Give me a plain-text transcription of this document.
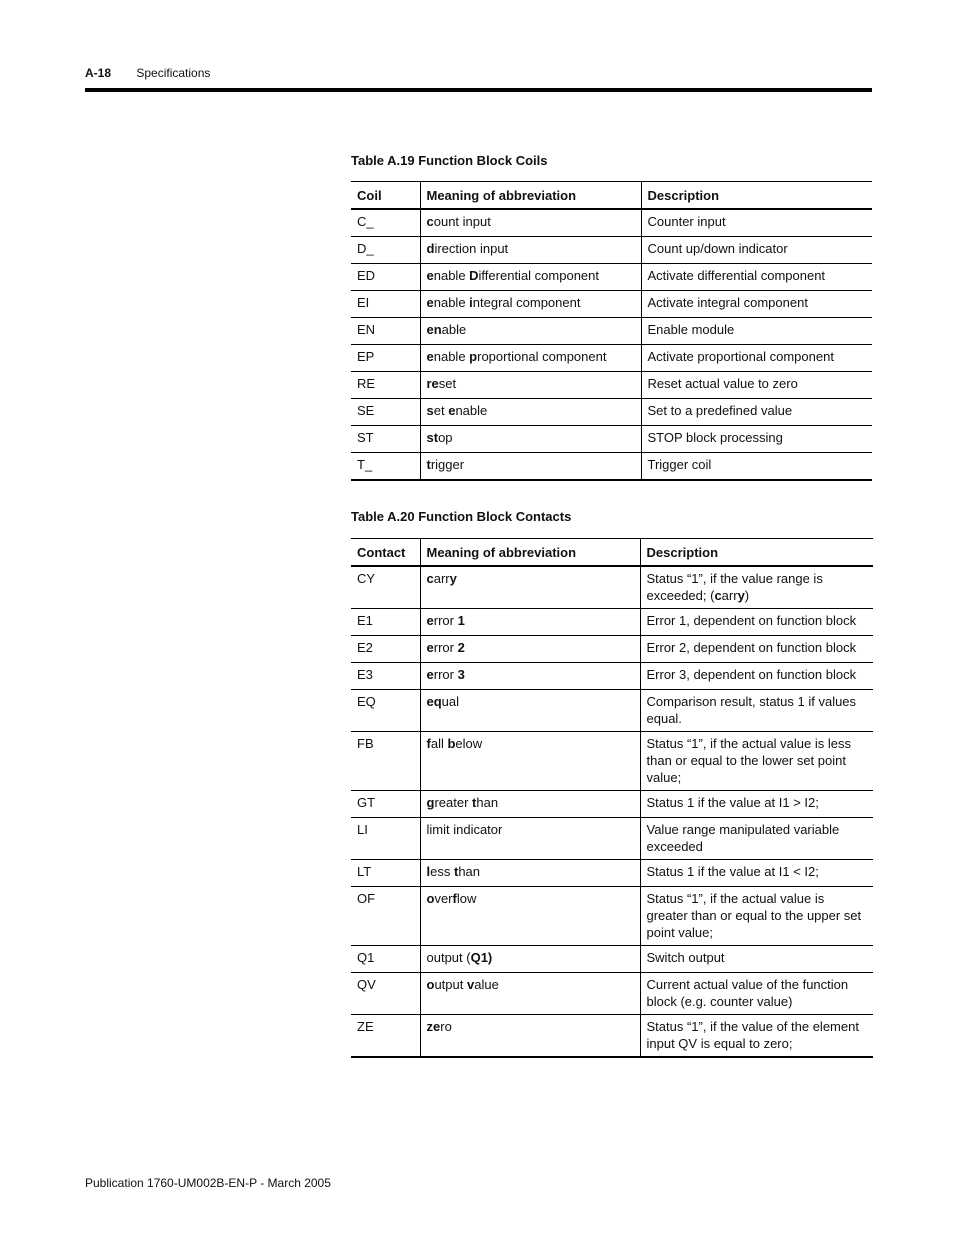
A-18 Specifications
Table A.19 Function Block Coils
Coil	Meaning of abbreviation	Description
C_	count input	Counter input
D_	direction input	Count up/down indicator
ED	enable Differential component	Activate differential component
EI	enable integral component	Activate integral component
EN	enable	Enable module
EP	enable proportional component	Activate proportional component
RE	reset	Reset actual value to zero
SE	set enable	Set to a predefined value
ST	stop	STOP block processing
T_	trigger	Trigger coil
Table A.20 Function Block Contacts
Contact	Meaning of abbreviation	Description
CY	carry	Status “1”, if the value range is exceeded; (carry)
E1	error 1	Error 1, dependent on function block
E2	error 2	Error 2, dependent on function block
E3	error 3	Error 3, dependent on function block
EQ	equal	Comparison result, status 1 if values equal.
FB	fall below	Status “1”, if the actual value is less than or equal to the lower set point value;
GT	greater than	Status 1 if the value at I1 > I2;
LI	limit indicator	Value range manipulated variable exceeded
LT	less than	Status 1 if the value at I1 < I2;
OF	overflow	Status “1”, if the actual value is greater than or equal to the upper set point value;
Q1	output (Q1)	Switch output
QV	output value	Current actual value of the function block (e.g. counter value)
ZE	zero	Status “1”, if the value of the element input QV is equal to zero;
Publication 1760-UM002B-EN-P - March 2005
